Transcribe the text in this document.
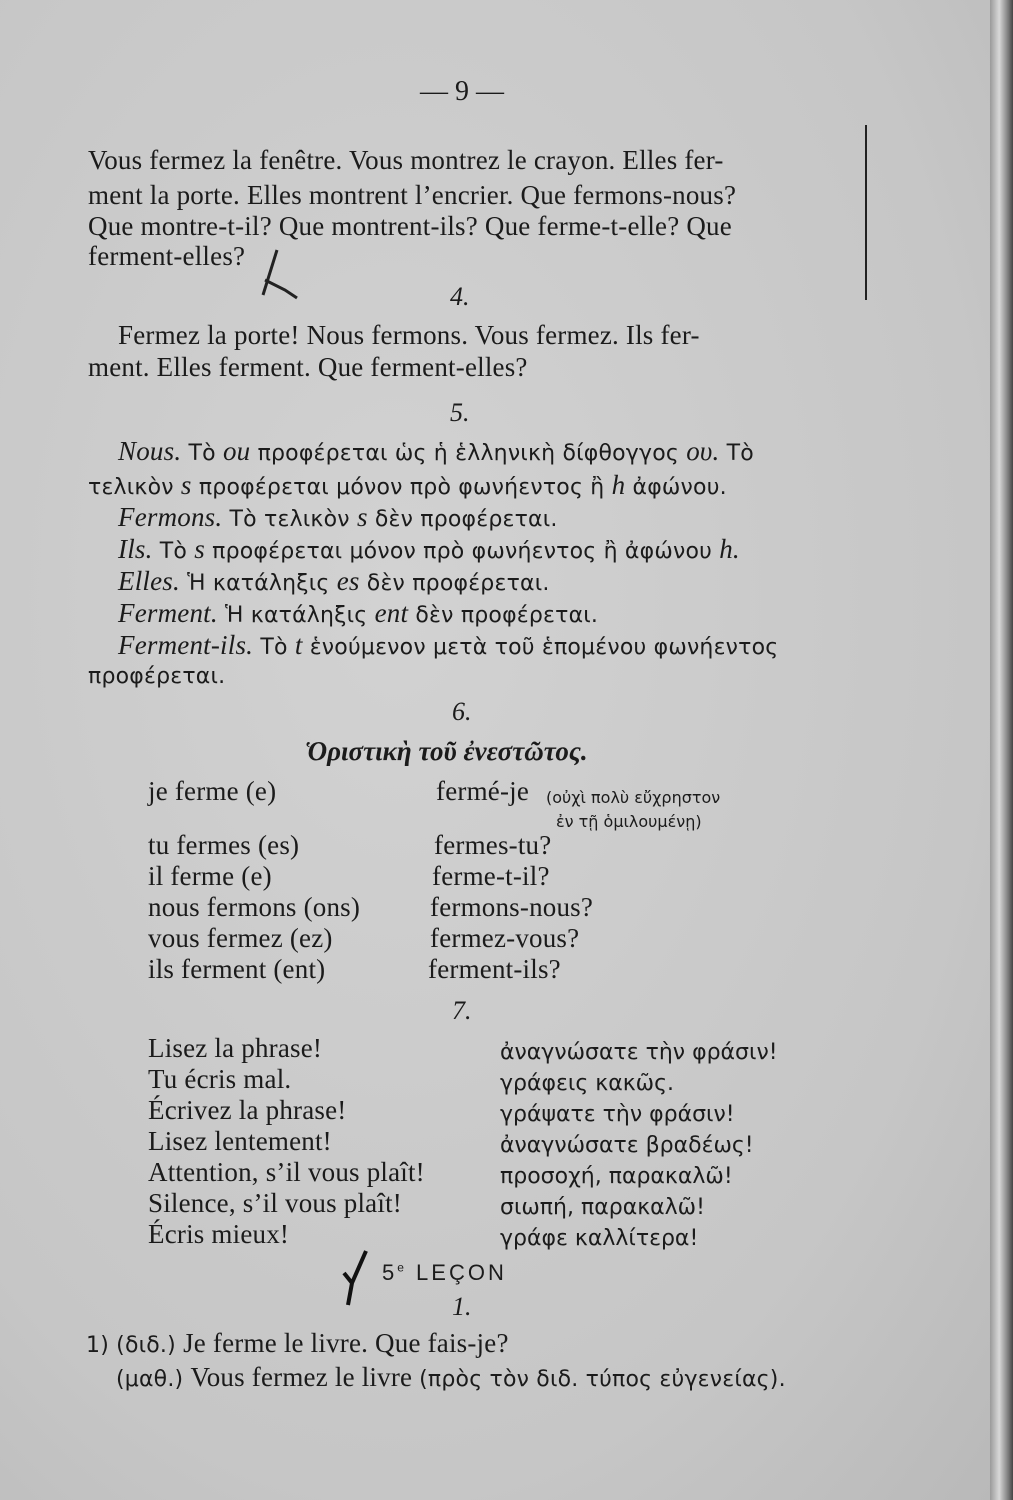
— 9 —
Vous fermez la fenêtre. Vous montrez le crayon. Elles fer-
ment la porte. Elles montrent l’encrier. Que fermons-nous?
Que montre-t-il? Que montrent-ils? Que ferme-t-elle? Que
ferment-elles?
4.
Fermez la porte! Nous fermons. Vous fermez. Ils fer-
ment. Elles ferment. Que ferment-elles?
5.
Nous. Τὸ ou προφέρεται ὡς ἡ ἑλληνικὴ δίφθογγος ου. Τὸ
τελικὸν s προφέρεται μόνον πρὸ φωνήεντος ἢ h ἀφώνου.
Fermons. Τὸ τελικὸν s δὲν προφέρεται.
Ils. Τὸ s προφέρεται μόνον πρὸ φωνήεντος ἢ ἀφώνου h.
Elles. Ἡ κατάληξις es δὲν προφέρεται.
Ferment. Ἡ κατάληξις ent δὲν προφέρεται.
Ferment-ils. Τὸ t ἑνούμενον μετὰ τοῦ ἑπομένου φωνήεντος
προφέρεται.
6.
Ὁριστικὴ τοῦ ἐνεστῶτος.
je ferme (e)
tu fermes (es)
il ferme (e)
nous fermons (ons)
vous fermez (ez)
ils ferment (ent)
fermé-je (οὐχὶ πολὺ εὔχρηστον
ἐν τῇ ὁμιλουμένῃ)
fermes-tu?
ferme-t-il?
fermons-nous?
fermez-vous?
ferment-ils?
7.
Lisez la phrase!
Tu écris mal.
Écrivez la phrase!
Lisez lentement!
Attention, s’il vous plaît!
Silence, s’il vous plaît!
Écris mieux!
ἀναγνώσατε τὴν φράσιν!
γράφεις κακῶς.
γράψατε τὴν φράσιν!
ἀναγνώσατε βραδέως!
προσοχή, παρακαλῶ!
σιωπή, παρακαλῶ!
γράφε καλλίτερα!
5e LEÇON
1.
1) (διδ.) Je ferme le livre. Que fais-je?
(μαθ.) Vous fermez le livre (πρὸς τὸν διδ. τύπος εὐγενείας).
